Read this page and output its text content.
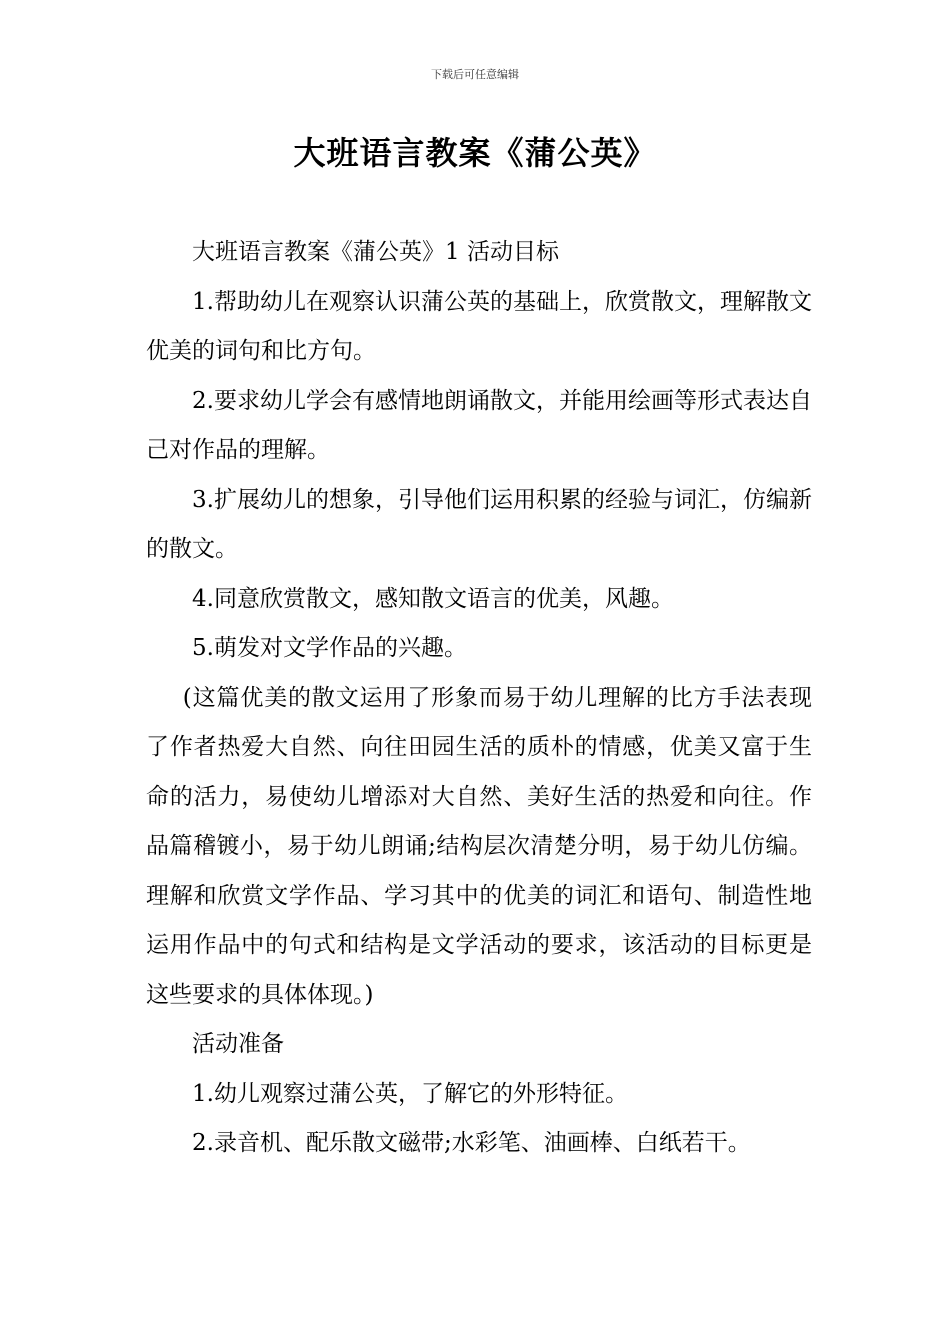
下载后可任意编辑
大班语言教案《蒲公英》

大班语言教案《蒲公英》1 活动目标

1.帮助幼儿在观察认识蒲公英的基础上，欣赏散文，理解散文优美的词句和比方句。

2.要求幼儿学会有感情地朗诵散文，并能用绘画等形式表达自己对作品的理解。

3.扩展幼儿的想象，引导他们运用积累的经验与词汇，仿编新的散文。

4.同意欣赏散文，感知散文语言的优美，风趣。

5.萌发对文学作品的兴趣。

(这篇优美的散文运用了形象而易于幼儿理解的比方手法表现了作者热爱大自然、向往田园生活的质朴的情感，优美又富于生命的活力，易使幼儿增添对大自然、美好生活的热爱和向往。作品篇稽镀小，易于幼儿朗诵;结构层次清楚分明，易于幼儿仿编。理解和欣赏文学作品、学习其中的优美的词汇和语句、制造性地运用作品中的句式和结构是文学活动的要求，该活动的目标更是这些要求的具体体现。)

活动准备

1.幼儿观察过蒲公英，了解它的外形特征。

2.录音机、配乐散文磁带;水彩笔、油画棒、白纸若干。
